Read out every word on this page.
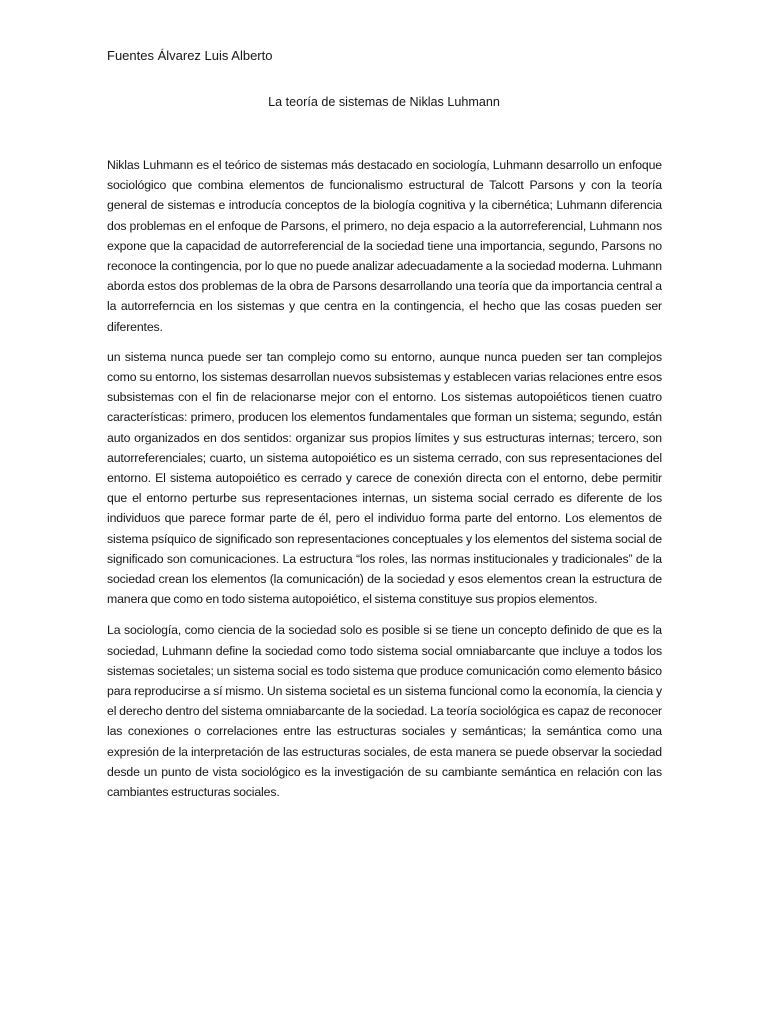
Fuentes Álvarez Luis Alberto
La teoría de sistemas de Niklas Luhmann

Niklas Luhmann es el teórico de sistemas más destacado en sociología, Luhmann desarrollo un enfoque sociológico que combina elementos de funcionalismo estructural de Talcott Parsons y con la teoría general de sistemas e introducía conceptos de la biología cognitiva y la cibernética; Luhmann diferencia dos problemas en el enfoque de Parsons, el primero, no deja espacio a la autorreferencial, Luhmann nos expone que la capacidad de autorreferencial de la sociedad tiene una importancia, segundo, Parsons no reconoce la contingencia, por lo que no puede analizar adecuadamente a la sociedad moderna. Luhmann aborda estos dos problemas de la obra de Parsons desarrollando una teoría que da importancia central a la autorreferncia en los sistemas y que centra en la contingencia, el hecho que las cosas pueden ser diferentes.

un sistema nunca puede ser tan complejo como su entorno, aunque nunca pueden ser tan complejos como su entorno, los sistemas desarrollan nuevos subsistemas y establecen varias relaciones entre esos subsistemas con el fin de relacionarse mejor con el entorno. Los sistemas autopoiéticos tienen cuatro características: primero, producen los elementos fundamentales que forman un sistema; segundo, están auto organizados en dos sentidos: organizar sus propios límites y sus estructuras internas; tercero, son autorreferenciales; cuarto, un sistema autopoiético es un sistema cerrado, con sus representaciones del entorno. El sistema autopoiético es cerrado y carece de conexión directa con el entorno, debe permitir que el entorno perturbe sus representaciones internas, un sistema social cerrado es diferente de los individuos que parece formar parte de él, pero el individuo forma parte del entorno. Los elementos de sistema psíquico de significado son representaciones conceptuales y los elementos del sistema social de significado son comunicaciones. La estructura “los roles, las normas institucionales y tradicionales” de la sociedad crean los elementos (la comunicación) de la sociedad y esos elementos crean la estructura de manera que como en todo sistema autopoiético, el sistema constituye sus propios elementos.

La sociología, como ciencia de la sociedad solo es posible si se tiene un concepto definido de que es la sociedad, Luhmann define la sociedad como todo sistema social omniabarcante que incluye a todos los sistemas societales; un sistema social es todo sistema que produce comunicación como elemento básico para reproducirse a sí mismo. Un sistema societal es un sistema funcional como la economía, la ciencia y el derecho dentro del sistema omniabarcante de la sociedad. La teoría sociológica es capaz de reconocer las conexiones o correlaciones entre las estructuras sociales y semánticas; la semántica como una expresión de la interpretación de las estructuras sociales, de esta manera se puede observar la sociedad desde un punto de vista sociológico es la investigación de su cambiante semántica en relación con las cambiantes estructuras sociales.
